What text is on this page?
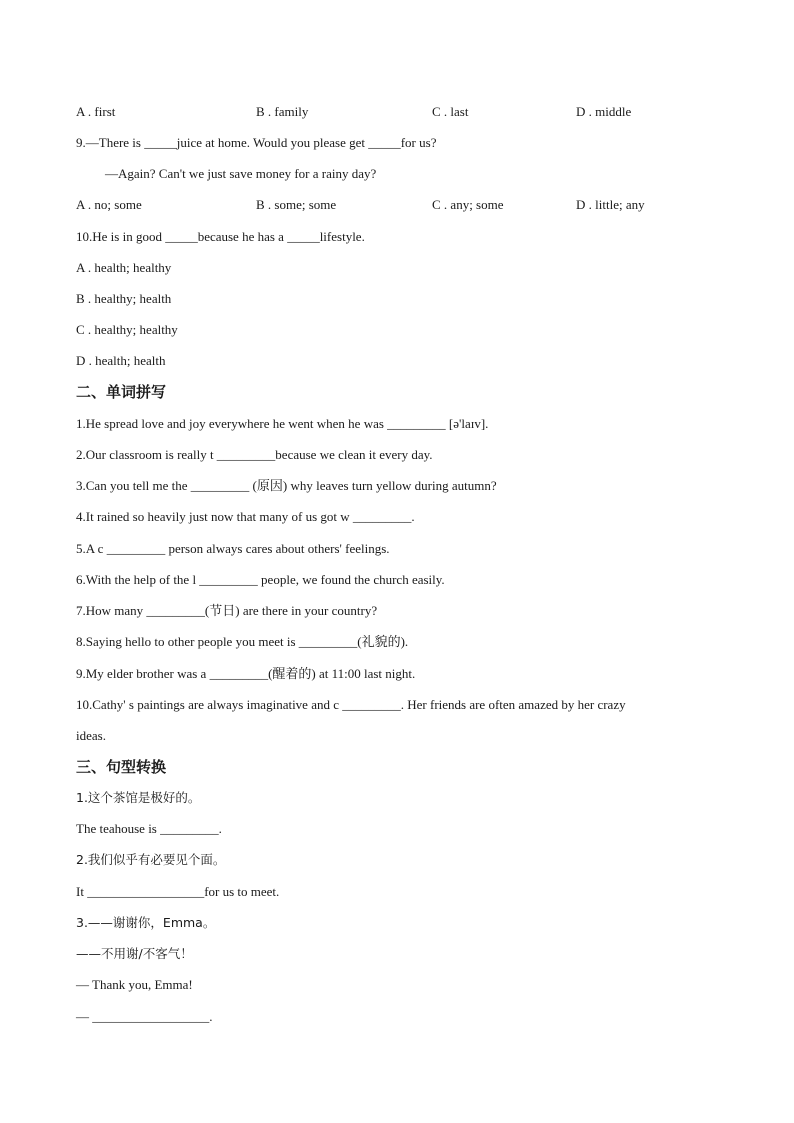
A . first	B . family	C . last	D . middle
9.—There is _____juice at home. Would you please get _____for us?
—Again? Can't we just save money for a rainy day?
A . no; some	B . some; some	C . any; some	D . little; any
10.He is in good _____because he has a _____lifestyle.
A . health; healthy
B . healthy; health
C . healthy; healthy
D . health; health
二、单词拼写
1.He spread love and joy everywhere he went when he was _________ [ə'laɪv].
2.Our classroom is really t _________because we clean it every day.
3.Can you tell me the _________ (原因) why leaves turn yellow during autumn?
4.It rained so heavily just now that many of us got w _________.
5.A c _________ person always cares about others' feelings.
6.With the help of the l _________ people, we found the church easily.
7.How many _________(节日) are there in your country?
8.Saying hello to other people you meet is _________(礼貌的).
9.My elder brother was a _________(醒着的) at 11:00 last night.
10.Cathy' s paintings are always imaginative and c _________. Her friends are often amazed by her crazy
ideas.
三、句型转换
1.这个茶馆是极好的。
The teahouse is _________.
2.我们似乎有必要见个面。
It __________________for us to meet.
3.——谢谢你，Emma。
——不用谢/不客气！
— Thank you, Emma!
— __________________.
